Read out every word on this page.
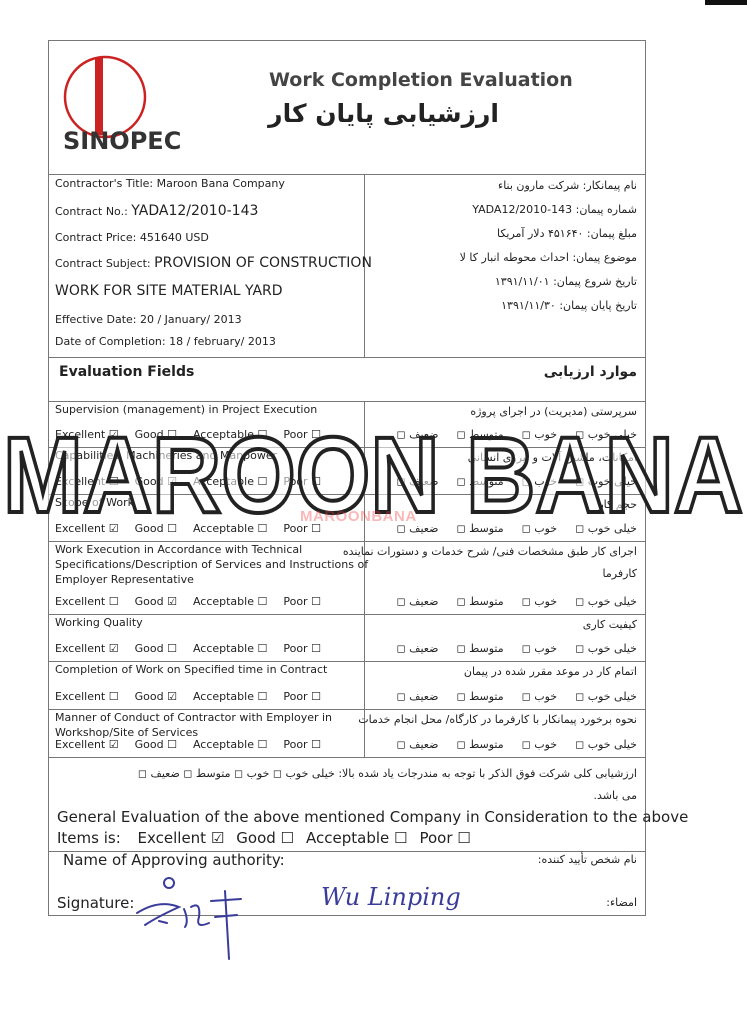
SINOPEC
Work Completion Evaluation
ارزشیابی پایان کار
Contractor's Title: Maroon Bana Company
Contract No.: YADA12/2010-143
Contract Price: 451640 USD
Contract Subject: PROVISION OF CONSTRUCTION
WORK FOR SITE MATERIAL YARD
Effective Date: 20 / January/ 2013
Date of Completion: 18 / february/ 2013
نام پیمانکار: شرکت مارون بناء
شماره پیمان: YADA12/2010-143
مبلغ پیمان: ۴۵۱۶۴۰ دلار آمریکا
موضوع پیمان: احداث محوطه انبار کا لا
تاریخ شروع پیمان: ۱۳۹۱/۱۱/۰۱
تاریخ پایان پیمان: ۱۳۹۱/۱۱/۳۰
Evaluation Fields	موارد ارزیابی
Supervision (management) in Project Execution
Excellent ☑ Good ☐ Acceptable ☐ Poor ☐
سرپرستی (مدیریت) در اجرای پروژه
خیلی خوب ◻خوب ◻متوسط ◻ضعیف ◻
Capabilities, Machineries and Manpower
Excellent ☐ Good ☑ Acceptable ☐ Poor ☐
امکانات، ماشین آلات و نیروی انسانی
خیلی خوب ◻خوب ◻متوسط ◻ضعیف ◻
Scope of Work
Excellent ☑ Good ☐ Acceptable ☐ Poor ☐
حجم کار
خیلی خوب ◻خوب ◻متوسط ◻ضعیف ◻
Work Execution in Accordance with Technical
Specifications/Description of Services and Instructions of
Employer Representative
Excellent ☐ Good ☑ Acceptable ☐ Poor ☐
اجرای کار طبق مشخصات فنی/ شرح خدمات و دستورات نماینده
کارفرما
خیلی خوب ◻خوب ◻متوسط ◻ضعیف ◻
Working Quality
Excellent ☑ Good ☐ Acceptable ☐ Poor ☐
کیفیت کاری
خیلی خوب ◻خوب ◻متوسط ◻ضعیف ◻
Completion of Work on Specified time in Contract
Excellent ☐ Good ☑ Acceptable ☐ Poor ☐
اتمام کار در موعد مقرر شده در پیمان
خیلی خوب ◻خوب ◻متوسط ◻ضعیف ◻
Manner of Conduct of Contractor with Employer in
Workshop/Site of Services
Excellent ☑ Good ☐ Acceptable ☐ Poor ☐
نحوه برخورد پیمانکار با کارفرما در کارگاه/ محل انجام خدمات
خیلی خوب ◻خوب ◻متوسط ◻ضعیف ◻
ارزشیابی کلی شرکت فوق الذکر با توجه به مندرجات یاد شده بالا: خیلی خوب ◻ خوب ◻ متوسط ◻ ضعیف ◻
می باشد.
General Evaluation of the above mentioned Company in Consideration to the above
Items is: Excellent ☑ Good ☐ Acceptable ☐ Poor ☐
Name of Approving authority:	نام شخص تأیید کننده:
Signature:	امضاء:
Wu Linping
MAROON BANA
MAROONBANA
